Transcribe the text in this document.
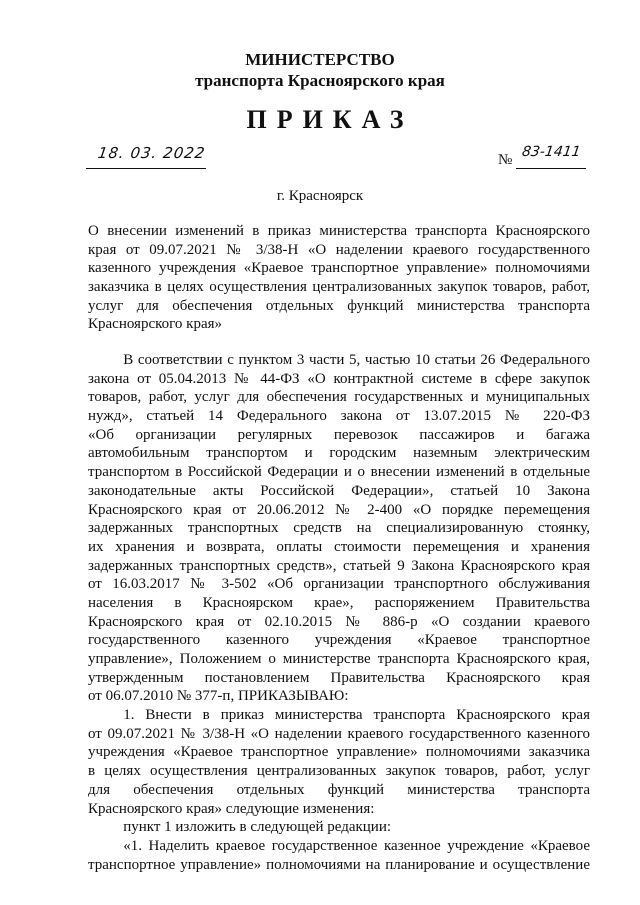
МИНИСТЕРСТВО
транспорта Красноярского края
ПРИКАЗ
18. 03. 2022	№ 83-1411
г. Красноярск
О внесении изменений в приказ министерства транспорта Красноярского
края от 09.07.2021 № 3/38-Н «О наделении краевого государственного
казенного учреждения «Краевое транспортное управление» полномочиями
заказчика в целях осуществления централизованных закупок товаров, работ,
услуг для обеспечения отдельных функций министерства транспорта
Красноярского края»
В соответствии с пунктом 3 части 5, частью 10 статьи 26 Федерального
закона от 05.04.2013 № 44-ФЗ «О контрактной системе в сфере закупок
товаров, работ, услуг для обеспечения государственных и муниципальных
нужд», статьей 14 Федерального закона от 13.07.2015 № 220-ФЗ
«Об организации регулярных перевозок пассажиров и багажа
автомобильным транспортом и городским наземным электрическим
транспортом в Российской Федерации и о внесении изменений в отдельные
законодательные акты Российской Федерации», статьей 10 Закона
Красноярского края от 20.06.2012 № 2-400 «О порядке перемещения
задержанных транспортных средств на специализированную стоянку,
их хранения и возврата, оплаты стоимости перемещения и хранения
задержанных транспортных средств», статьей 9 Закона Красноярского края
от 16.03.2017 № 3-502 «Об организации транспортного обслуживания
населения в Красноярском крае», распоряжением Правительства
Красноярского края от 02.10.2015 № 886-р «О создании краевого
государственного казенного учреждения «Краевое транспортное
управление», Положением о министерстве транспорта Красноярского края,
утвержденным постановлением Правительства Красноярского края
от 06.07.2010 № 377-п, ПРИКАЗЫВАЮ:
1. Внести в приказ министерства транспорта Красноярского края
от 09.07.2021 № 3/38-Н «О наделении краевого государственного казенного
учреждения «Краевое транспортное управление» полномочиями заказчика
в целях осуществления централизованных закупок товаров, работ, услуг
для обеспечения отдельных функций министерства транспорта
Красноярского края» следующие изменения:
пункт 1 изложить в следующей редакции:
«1. Наделить краевое государственное казенное учреждение «Краевое
транспортное управление» полномочиями на планирование и осуществление
